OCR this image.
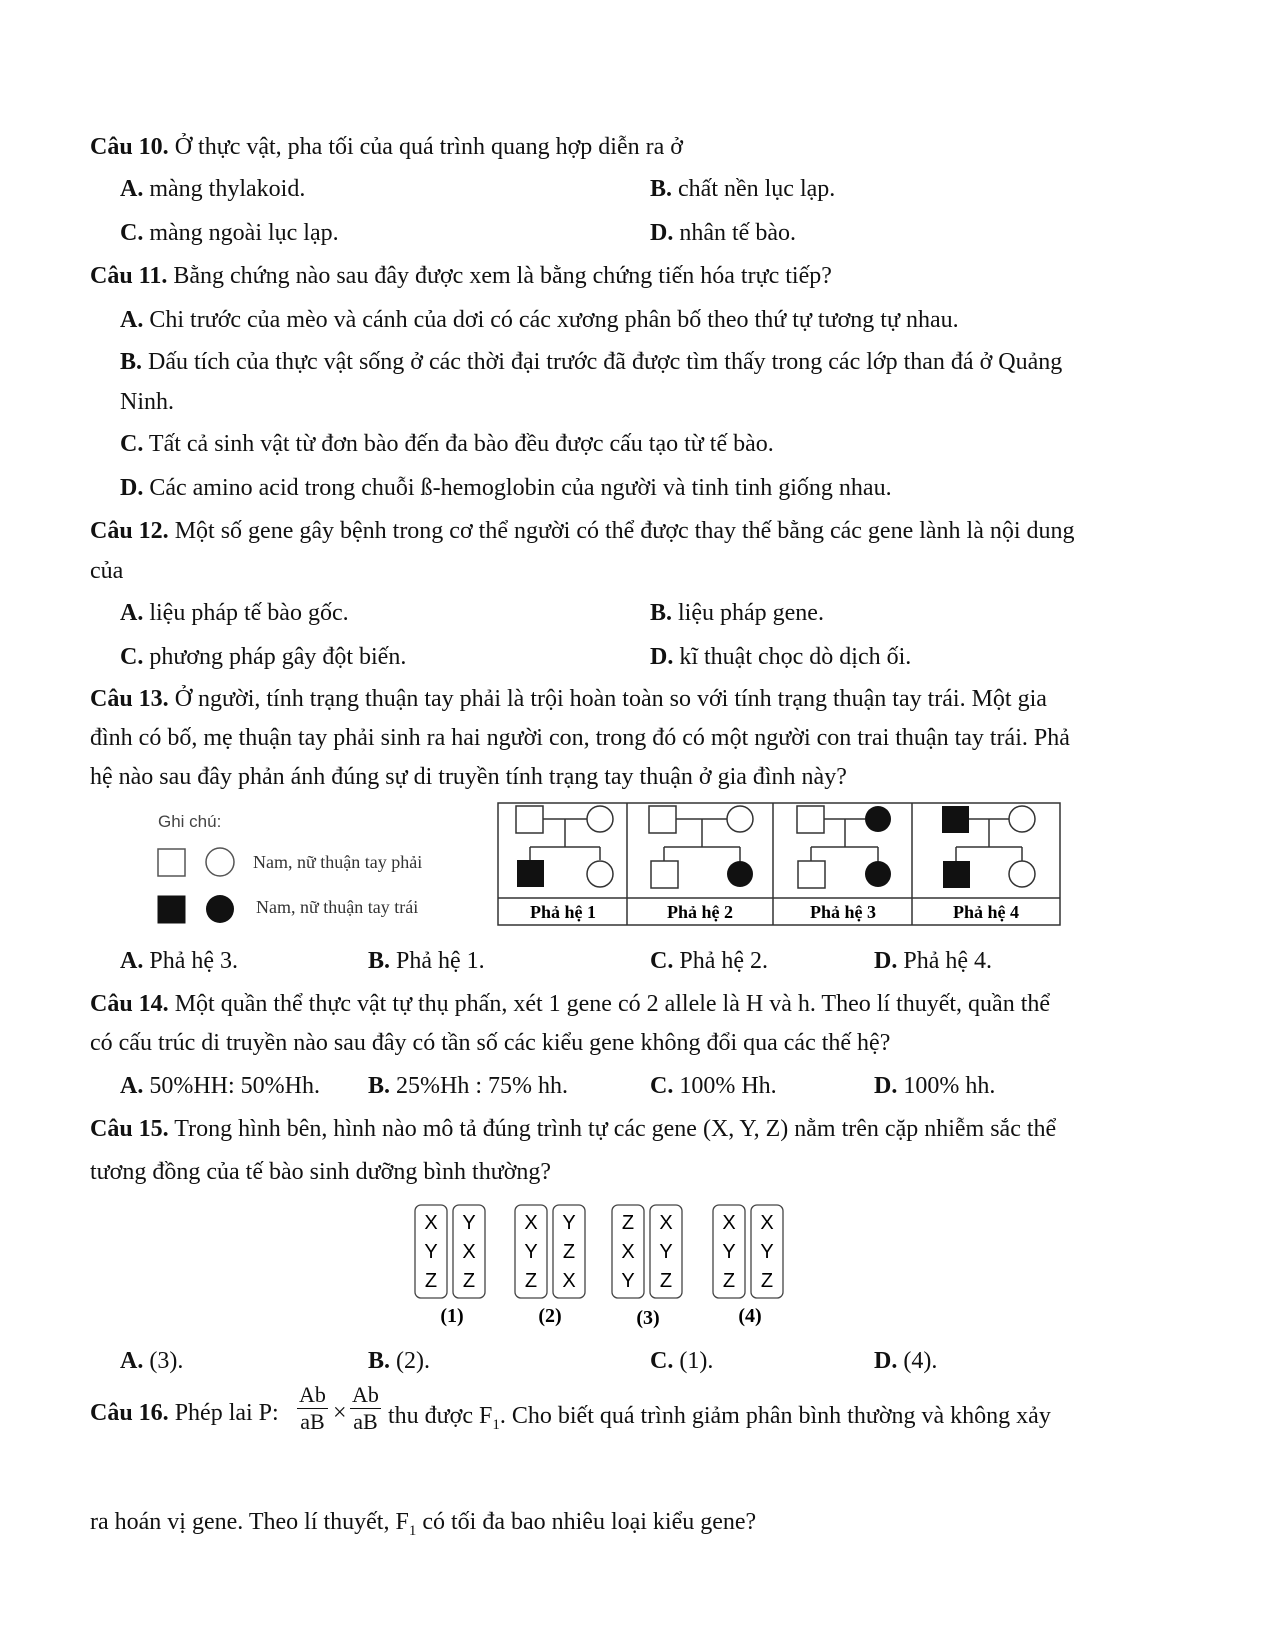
Câu 10. Ở thực vật, pha tối của quá trình quang hợp diễn ra ở
A. màng thylakoid.	B. chất nền lục lạp.
C. màng ngoài lục lạp.	D. nhân tế bào.
Câu 11. Bằng chứng nào sau đây được xem là bằng chứng tiến hóa trực tiếp?
A. Chi trước của mèo và cánh của dơi có các xương phân bố theo thứ tự tương tự nhau.
B. Dấu tích của thực vật sống ở các thời đại trước đã được tìm thấy trong các lớp than đá ở Quảng
Ninh.
C. Tất cả sinh vật từ đơn bào đến đa bào đều được cấu tạo từ tế bào.
D. Các amino acid trong chuỗi ß-hemoglobin của người và tinh tinh giống nhau.
Câu 12. Một số gene gây bệnh trong cơ thể người có thể được thay thế bằng các gene lành là nội dung
của
A. liệu pháp tế bào gốc.	B. liệu pháp gene.
C. phương pháp gây đột biến.	D. kĩ thuật chọc dò dịch ối.
Câu 13. Ở người, tính trạng thuận tay phải là trội hoàn toàn so với tính trạng thuận tay trái. Một gia
đình có bố, mẹ thuận tay phải sinh ra hai người con, trong đó có một người con trai thuận tay trái. Phả
hệ nào sau đây phản ánh đúng sự di truyền tính trạng tay thuận ở gia đình này?
Ghi chú:
Nam, nữ thuận tay phải
Nam, nữ thuận tay trái	Phả hệ 1	Phả hệ 2	Phả hệ 3	Phả hệ 4
A. Phả hệ 3.	B. Phả hệ 1.	C. Phả hệ 2.	D. Phả hệ 4.
Câu 14. Một quần thể thực vật tự thụ phấn, xét 1 gene có 2 allele là H và h. Theo lí thuyết, quần thể
có cấu trúc di truyền nào sau đây có tần số các kiểu gene không đổi qua các thế hệ?
A. 50%HH: 50%Hh. B. 25%Hh : 75% hh.	C. 100% Hh.	D. 100% hh.
Câu 15. Trong hình bên, hình nào mô tả đúng trình tự các gene (X, Y, Z) nằm trên cặp nhiễm sắc thể
tương đồng của tế bào sinh dưỡng bình thường?
X
Y
Z
Y
X
Z
(1)
X
Y
Z
Y
Z
X
(2)
Z
X
Y
X
Y
Z
(3)
X
Y
Z
X
Y
Z
(4)
A. (3).	B. (2).	C. (1).	D. (4).
Câu 16. Phép lai P: $\frac{Ab}{aB} \times \frac{Ab}{aB}$ thu được $F_1$. Cho biết quá trình giảm phân bình thường và không xảy
ra hoán vị gene. Theo lí thuyết, $F_1$ có tối đa bao nhiêu loại kiểu gene?
